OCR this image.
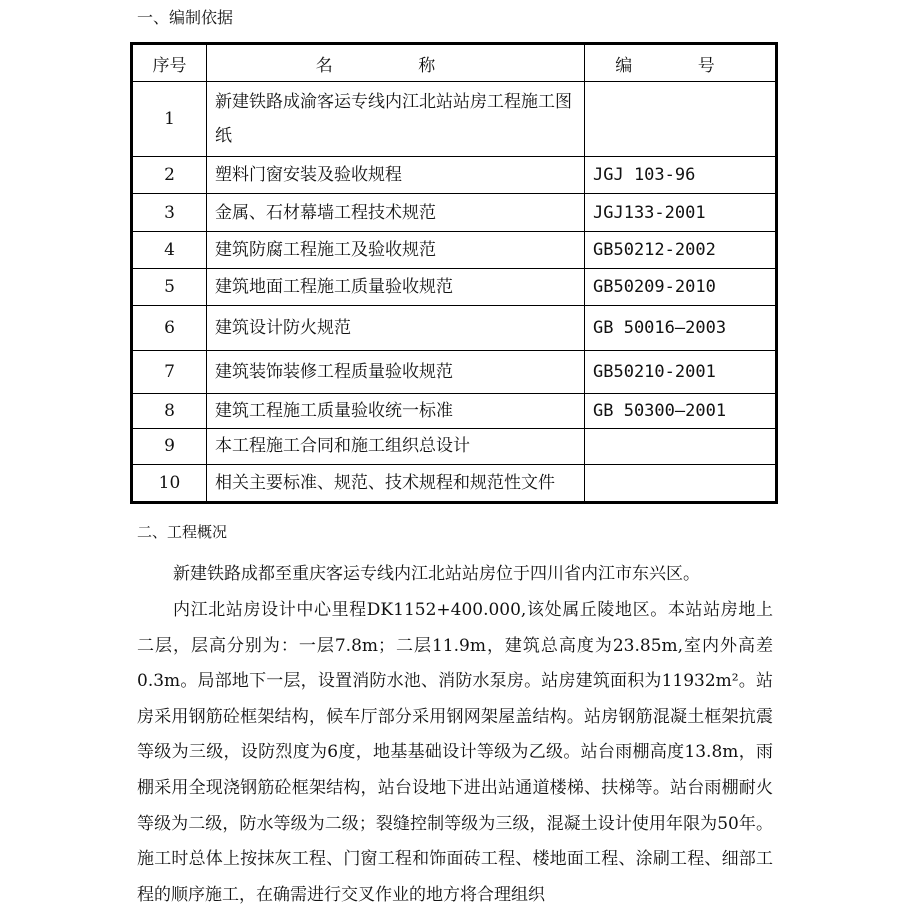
一、编制依据
序号	名 称	编 号
1	新建铁路成渝客运专线内江北站站房工程施工图纸	
2	塑料门窗安装及验收规程	JGJ 103-96
3	金属、石材幕墙工程技术规范	JGJ133-2001
4	建筑防腐工程施工及验收规范	GB50212-2002
5	建筑地面工程施工质量验收规范	GB50209-2010
6	建筑设计防火规范	GB 50016—2003
7	建筑装饰装修工程质量验收规范	GB50210-2001
8	建筑工程施工质量验收统一标准	GB 50300—2001
9	本工程施工合同和施工组织总设计	
10	相关主要标准、规范、技术规程和规范性文件	
二、工程概况
新建铁路成都至重庆客运专线内江北站站房位于四川省内江市东兴区。
内江北站房设计中心里程DK1152+400.000,该处属丘陵地区。本站站房地上二层，层高分别为：一层7.8m；二层11.9m，建筑总高度为23.85m,室内外高差0.3m。局部地下一层，设置消防水池、消防水泵房。站房建筑面积为11932m²。站房采用钢筋砼框架结构，候车厅部分采用钢网架屋盖结构。站房钢筋混凝土框架抗震等级为三级，设防烈度为6度，地基基础设计等级为乙级。站台雨棚高度13.8m，雨棚采用全现浇钢筋砼框架结构，站台设地下进出站通道楼梯、扶梯等。站台雨棚耐火等级为二级，防水等级为二级；裂缝控制等级为三级，混凝土设计使用年限为50年。施工时总体上按抹灰工程、门窗工程和饰面砖工程、楼地面工程、涂刷工程、细部工程的顺序施工，在确需进行交叉作业的地方将合理组织
